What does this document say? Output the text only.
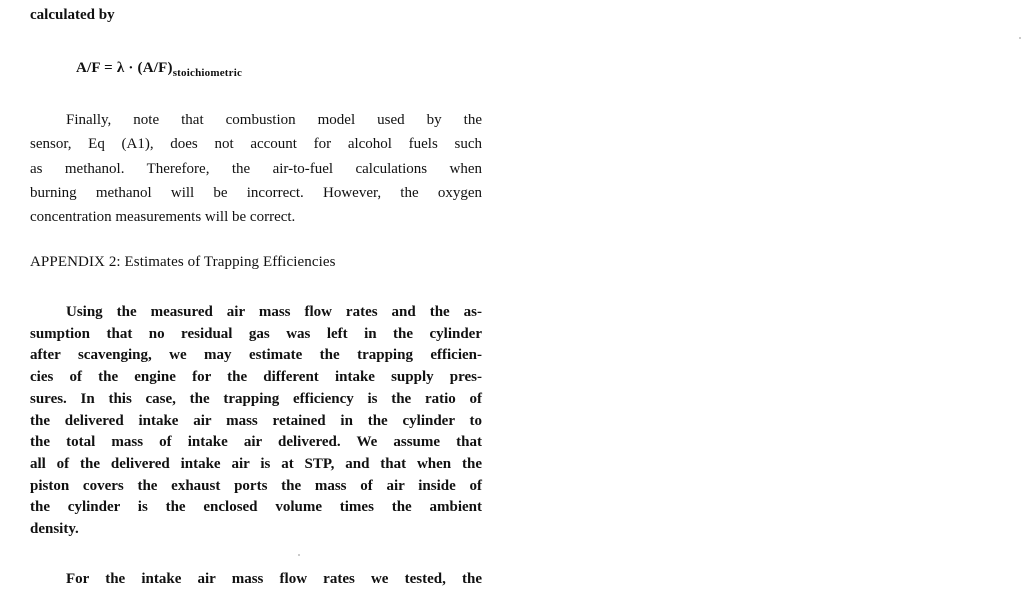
calculated by
$A/F = \lambda \cdot (A/F)_{stoichiometric}$

Finally, note that combustion model used by the
sensor, Eq (A1), does not account for alcohol fuels such
as methanol. Therefore, the air-to-fuel calculations when
burning methanol will be incorrect. However, the oxygen
concentration measurements will be correct.

APPENDIX 2: Estimates of Trapping Efficiencies

Using the measured air mass flow rates and the as-
sumption that no residual gas was left in the cylinder
after scavenging, we may estimate the trapping efficien-
cies of the engine for the different intake supply pres-
sures. In this case, the trapping efficiency is the ratio of
the delivered intake air mass retained in the cylinder to
the total mass of intake air delivered. We assume that
all of the delivered intake air is at STP, and that when the
piston covers the exhaust ports the mass of air inside of
the cylinder is the enclosed volume times the ambient
density.

For the intake air mass flow rates we tested, the
